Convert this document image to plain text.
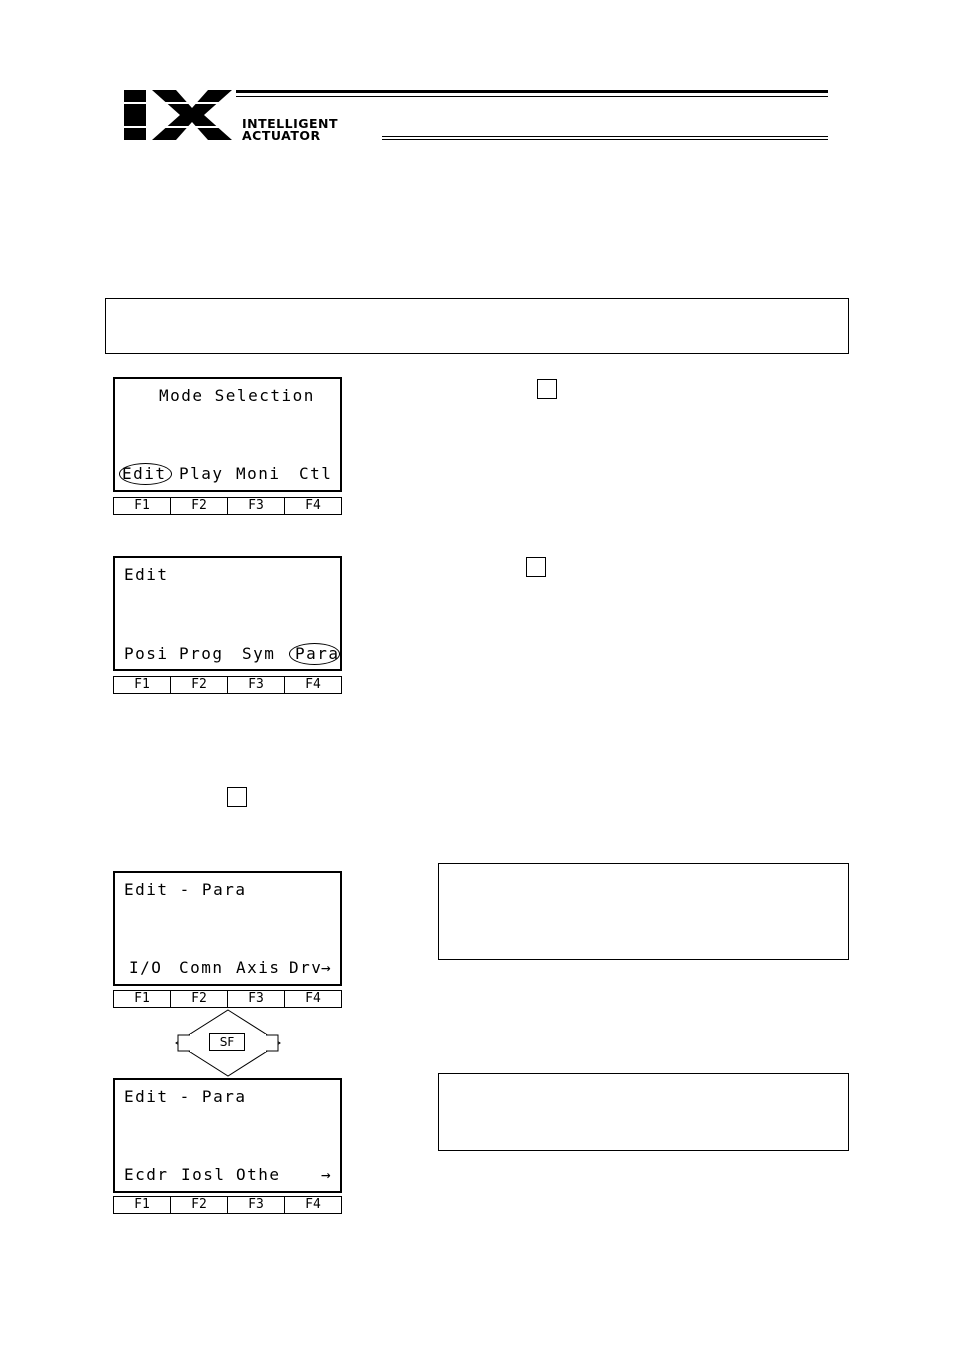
INTELLIGENT
ACTUATOR
Mode Selection
Edit Play Moni Ctl
F1	F2	F3	F4
Edit
Posi Prog Sym Para
F1	F2	F3	F4
Edit - Para
I/O Comn Axis Drv
→
F1	F2	F3	F4
SF
Edit - Para
Ecdr Iosl Othe	→
F1	F2	F3	F4
